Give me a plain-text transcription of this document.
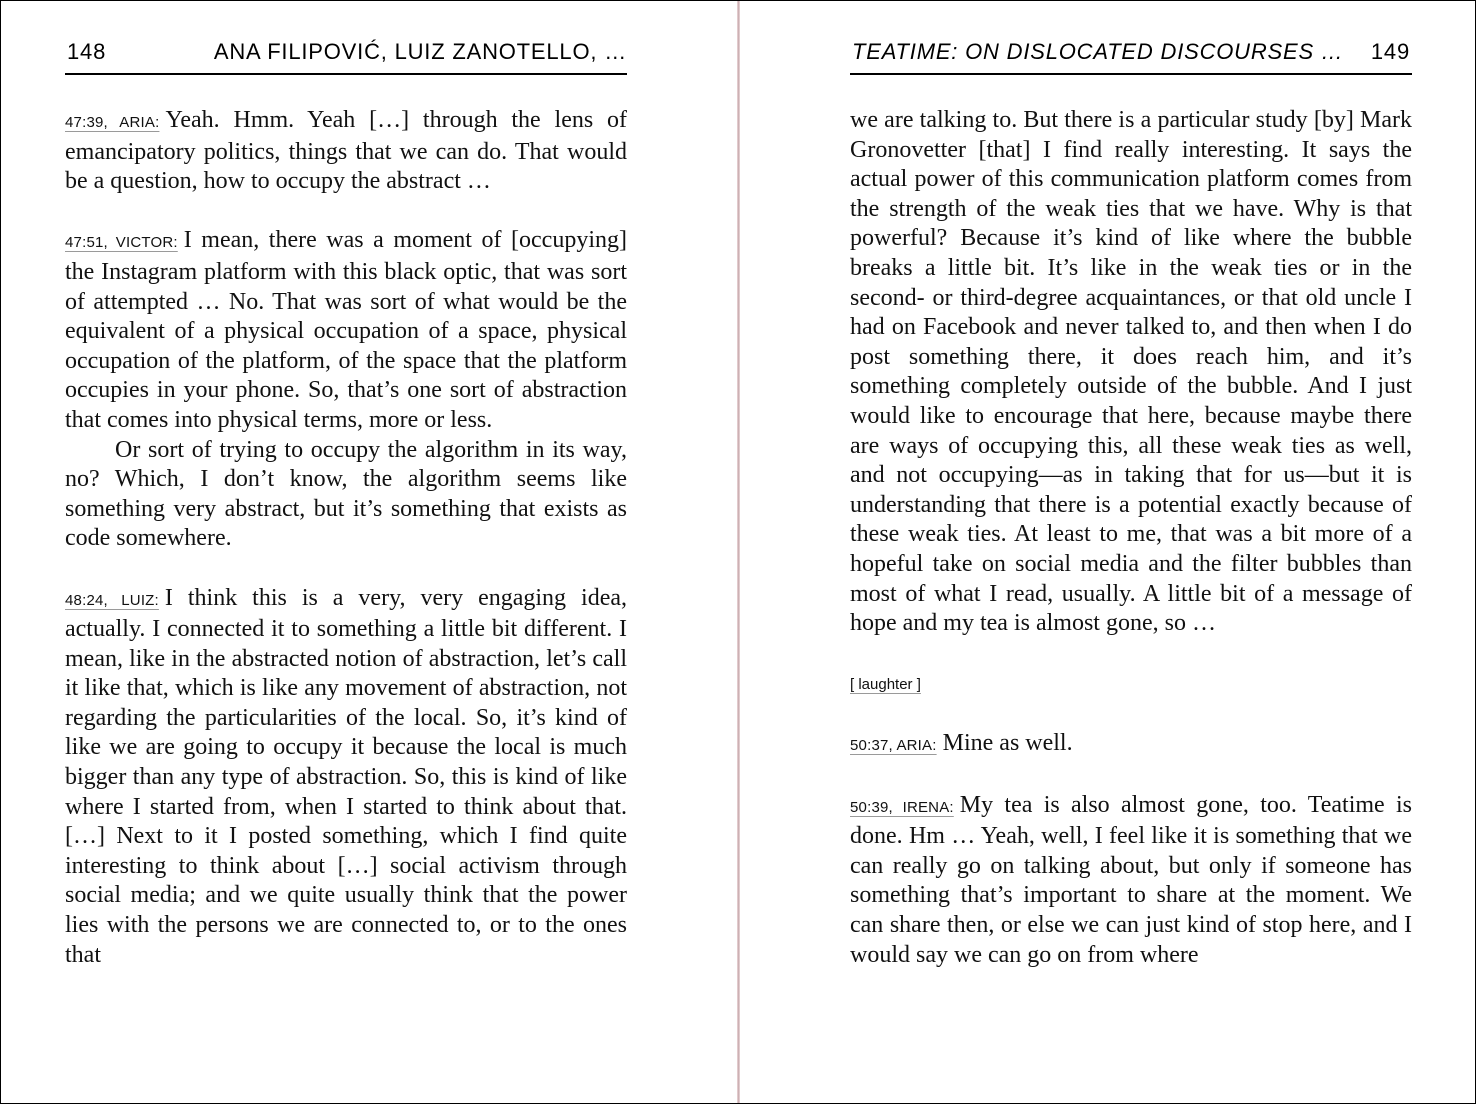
148	ANA FILIPOVIĆ, LUIZ ZANOTELLO, …

47:39, ARIA: Yeah. Hmm. Yeah […] through the lens of emancipatory politics, things that we can do. That would be a question, how to occupy the abstract …

47:51, VICTOR: I mean, there was a moment of [occupying] the Instagram platform with this black optic, that was sort of attempted … No. That was sort of what would be the equivalent of a physical occupation of a space, physical occupation of the platform, of the space that the platform occupies in your phone. So, that’s one sort of abstraction that comes into physical terms, more or less.

Or sort of trying to occupy the algorithm in its way, no? Which, I don’t know, the algorithm seems like something very abstract, but it’s something that exists as code somewhere.

48:24, LUIZ: I think this is a very, very engaging idea, actually. I connected it to something a little bit different. I mean, like in the abstracted notion of abstraction, let’s call it like that, which is like any movement of abstraction, not regarding the particularities of the local. So, it’s kind of like we are going to occupy it because the local is much bigger than any type of abstraction. So, this is kind of like where I started from, when I started to think about that. […] Next to it I posted something, which I find quite interesting to think about […] social activism through social media; and we quite usually think that the power lies with the persons we are connected to, or to the ones that

TEATIME: ON DISLOCATED DISCOURSES … 149

we are talking to. But there is a particular study [by] Mark Gronovetter [that] I find really interesting. It says the actual power of this communication platform comes from the strength of the weak ties that we have. Why is that powerful? Because it’s kind of like where the bubble breaks a little bit. It’s like in the weak ties or in the second- or third-degree acquaintances, or that old uncle I had on Facebook and never talked to, and then when I do post something there, it does reach him, and it’s something completely outside of the bubble. And I just would like to encourage that here, because maybe there are ways of occupying this, all these weak ties as well, and not occupying—as in taking that for us—but it is understanding that there is a potential exactly because of these weak ties. At least to me, that was a bit more of a hopeful take on social media and the filter bubbles than most of what I read, usually. A little bit of a message of hope and my tea is almost gone, so …

[ laughter ]

50:37, ARIA: Mine as well.

50:39, IRENA: My tea is also almost gone, too. Teatime is done. Hm … Yeah, well, I feel like it is something that we can really go on talking about, but only if someone has something that’s important to share at the moment. We can share then, or else we can just kind of stop here, and I would say we can go on from where
